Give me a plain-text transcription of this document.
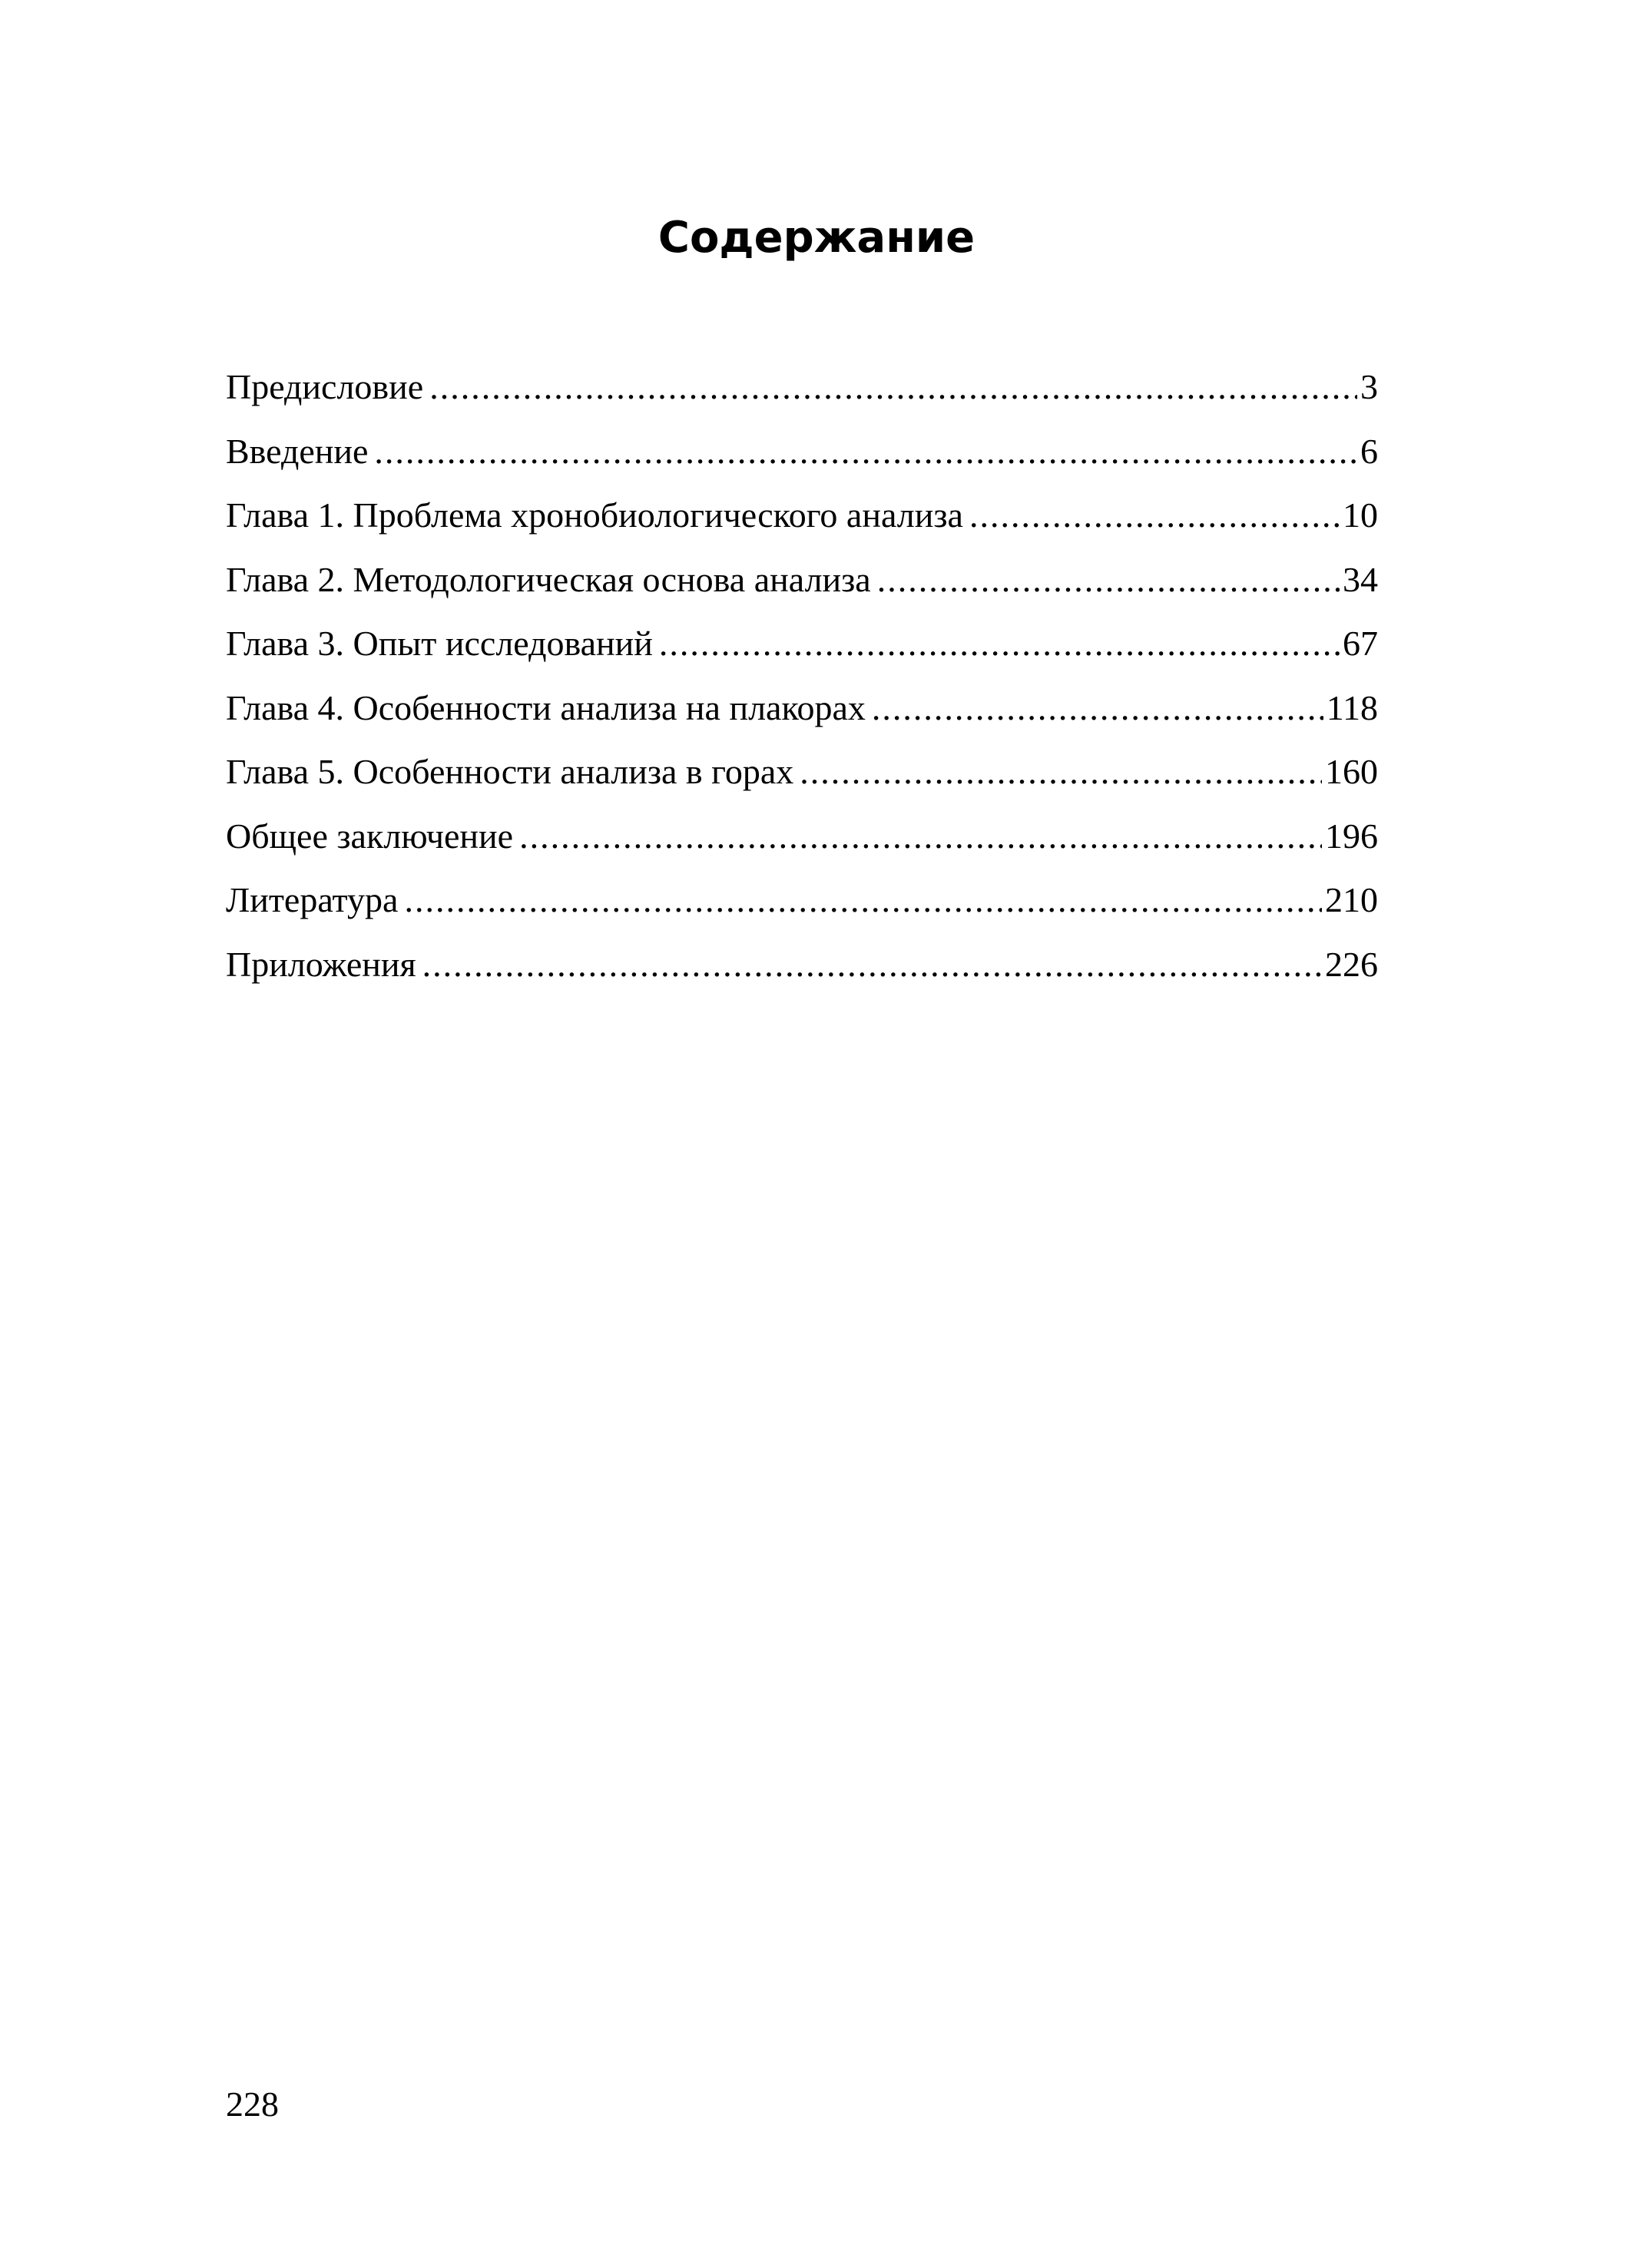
Содержание
Предисловие .....	3
Введение .....	6
Глава 1. Проблема хронобиологического анализа .....	10
Глава 2. Методологическая основа анализа .....	34
Глава 3. Опыт исследований .....	67
Глава 4. Особенности анализа на плакорах .....	118
Глава 5. Особенности анализа в горах .....	160
Общее заключение .....	196
Литература .....	210
Приложения .....	226

228
